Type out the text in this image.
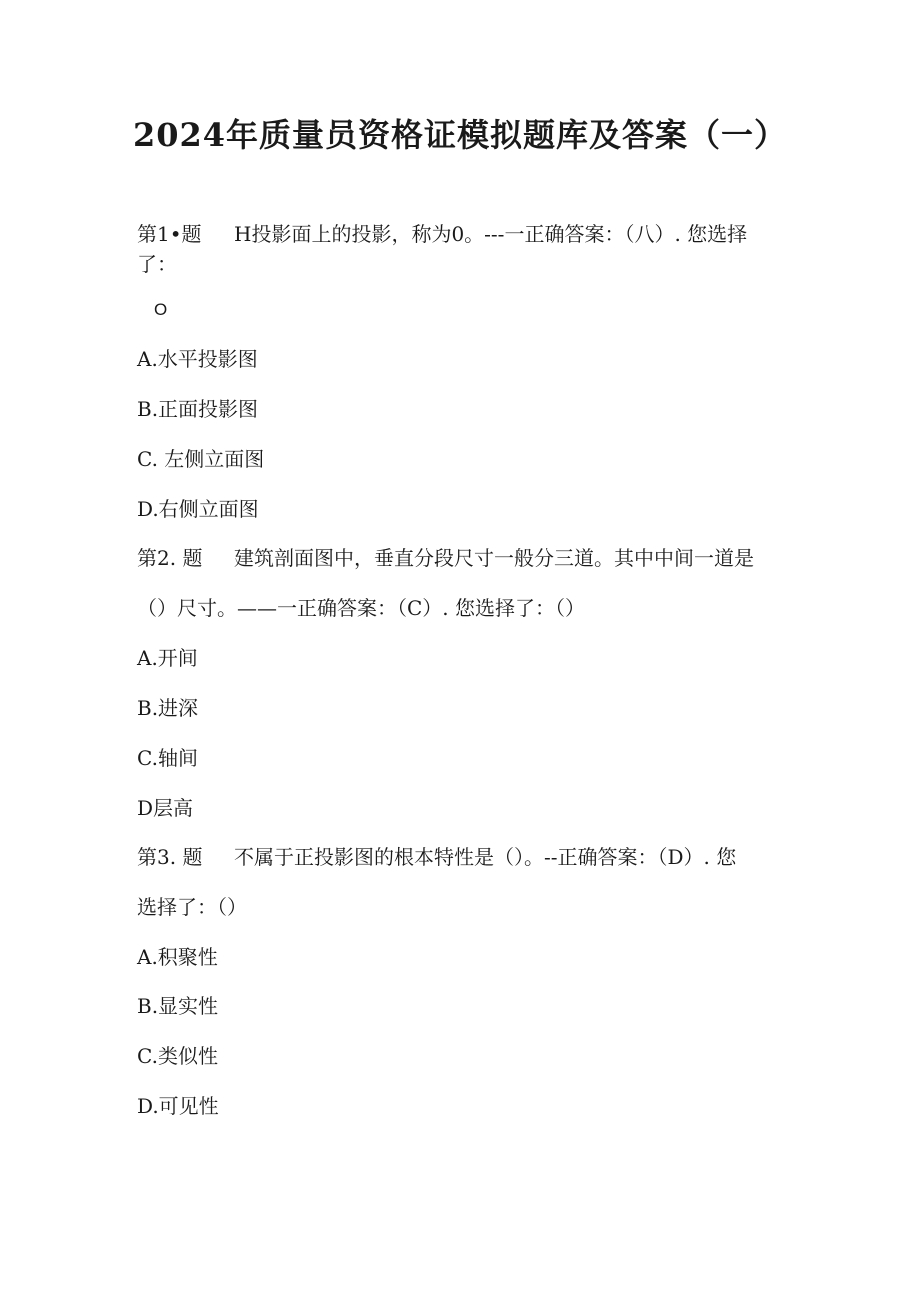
2024年质量员资格证模拟题库及答案（一）
第1•题 H投影面上的投影，称为0。---一正确答案：（八）. 您选择
了：
O
A.水平投影图
B.正面投影图
C. 左侧立面图
D.右侧立面图
第2. 题 建筑剖面图中，垂直分段尺寸一般分三道。其中中间一道是
（）尺寸。——一正确答案：（C）. 您选择了：（）
A.开间
B.进深
C.轴间
D层高
第3. 题 不属于正投影图的根本特性是（）。--正确答案：（D）. 您
选择了：（）
A.积聚性
B.显实性
C.类似性
D.可见性
